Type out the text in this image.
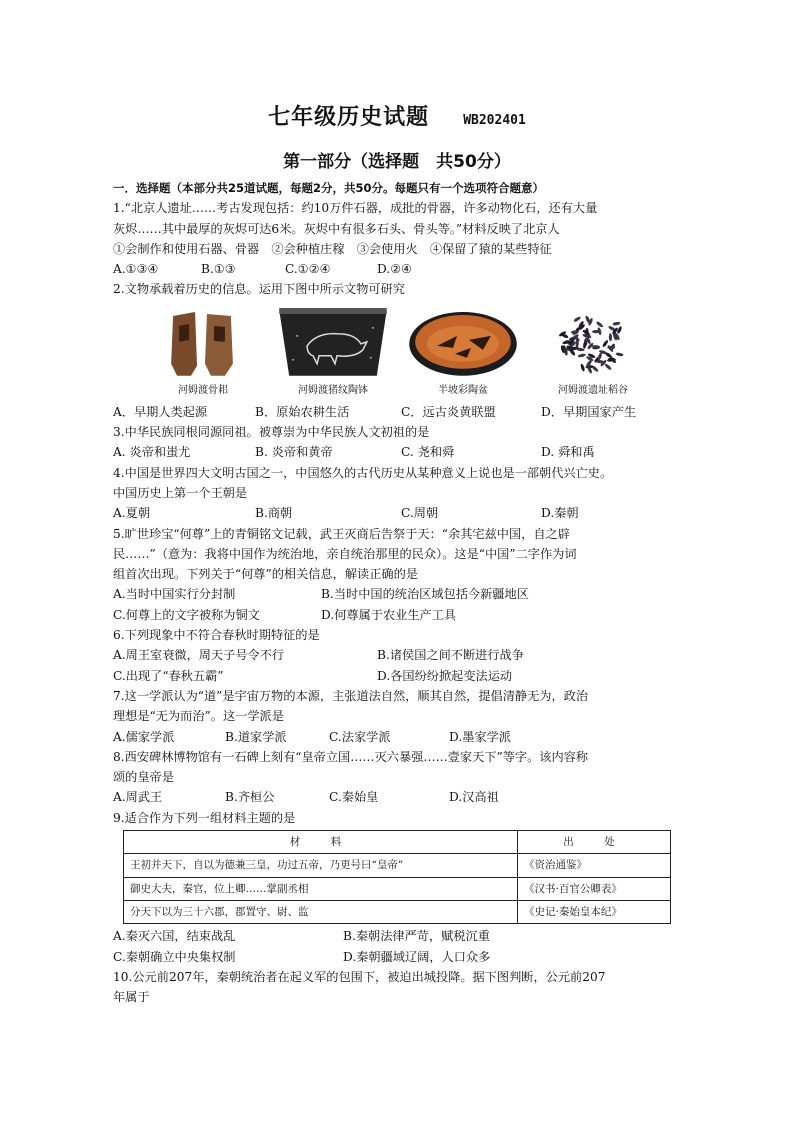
七年级历史试题	WB202401
第一部分（选择题　共50分）
一．选择题（本部分共25道试题，每题2分，共50分。每题只有一个选项符合题意）
1.“北京人遗址……考古发现包括：约10万件石器，成批的骨器，许多动物化石，还有大量
灰烬……其中最厚的灰烬可达6米。灰烬中有很多石头、骨头等。”材料反映了北京人
①会制作和使用石器、骨器　②会种植庄稼　③会使用火　④保留了猿的某些特征
A.①③④	B.①③	C.①②④	D.②④
2.文物承载着历史的信息。运用下图中所示文物可研究
河姆渡骨耜	河姆渡猪纹陶钵	半坡彩陶盆	河姆渡遗址稻谷
A．早期人类起源	B．原始农耕生活	C．远古炎黄联盟	D．早期国家产生
3.中华民族同根同源同祖。被尊崇为中华民族人文初祖的是
A. 炎帝和蚩尤	B. 炎帝和黄帝	C. 尧和舜	D. 舜和禹
4.中国是世界四大文明古国之一，中国悠久的古代历史从某种意义上说也是一部朝代兴亡史。
中国历史上第一个王朝是
A.夏朝	B.商朝	C.周朝	D.秦朝
5.旷世珍宝“何尊”上的青铜铭文记载，武王灭商后告祭于天：“余其宅兹中国，自之辟
民……”（意为：我将中国作为统治地，亲自统治那里的民众）。这是“中国”二字作为词
组首次出现。下列关于“何尊”的相关信息，解读正确的是
A.当时中国实行分封制	B.当时中国的统治区域包括今新疆地区
C.何尊上的文字被称为铜文	D.何尊属于农业生产工具
6.下列现象中不符合春秋时期特征的是
A.周王室衰微，周天子号令不行	B.诸侯国之间不断进行战争
C.出现了“春秋五霸”	D.各国纷纷掀起变法运动
7.这一学派认为“道”是宇宙万物的本源，主张道法自然，顺其自然，提倡清静无为，政治
理想是“无为而治”。这一学派是
A.儒家学派	B.道家学派	C.法家学派	D.墨家学派
8.西安碑林博物馆有一石碑上刻有“皇帝立国……灭六暴强……壹家天下”等字。该内容称
颂的皇帝是
A.周武王	B.齐桓公	C.秦始皇	D.汉高祖
9.适合作为下列一组材料主题的是
材　料	出　处
王初并天下，自以为德兼三皇，功过五帝，乃更号曰“皇帝”	《资治通鉴》
御史大夫，秦官，位上卿……掌副丞相	《汉书·百官公卿表》
分天下以为三十六郡，郡置守、尉、监	《史记·秦始皇本纪》
A.秦灭六国，结束战乱	B.秦朝法律严苛，赋税沉重
C.秦朝确立中央集权制	D.秦朝疆域辽阔，人口众多
10.公元前207年，秦朝统治者在起义军的包围下，被迫出城投降。据下图判断，公元前207
年属于
